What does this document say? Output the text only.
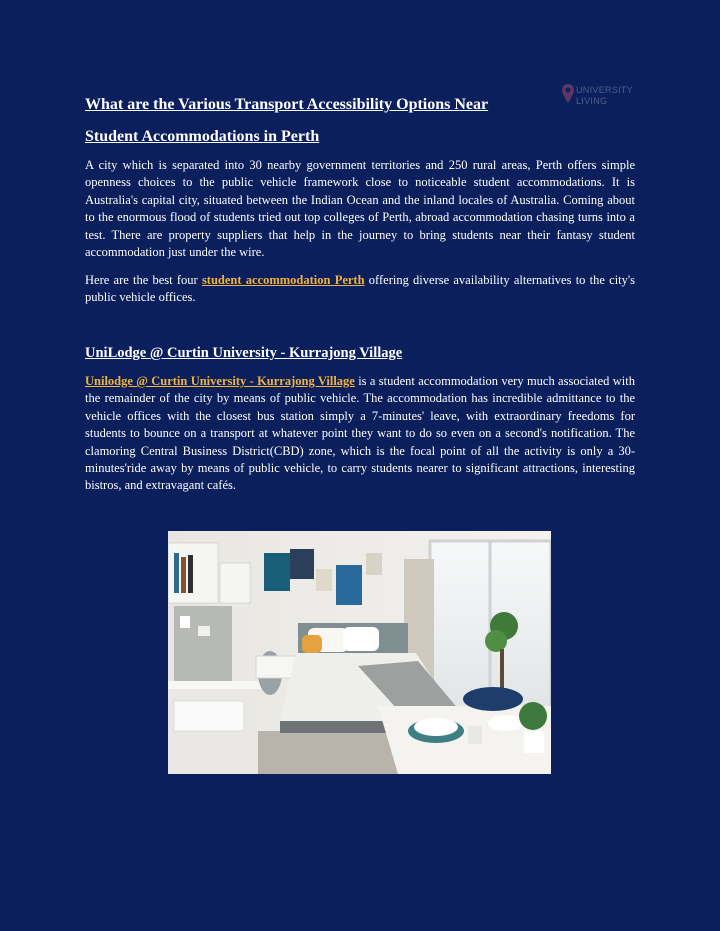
UNIVERSITY
LIVING
What are the Various Transport Accessibility Options Near
Student Accommodations in Perth

A city which is separated into 30 nearby government territories and 250 rural areas, Perth offers simple openness choices to the public vehicle framework close to noticeable student accommodations. It is Australia's capital city, situated between the Indian Ocean and the inland locales of Australia. Coming about to the enormous flood of students tried out top colleges of Perth, abroad accommodation chasing turns into a test. There are property suppliers that help in the journey to bring students near their fantasy student accommodation just under the wire.

Here are the best four student accommodation Perth offering diverse availability alternatives to the city's public vehicle offices.

UniLodge @ Curtin University - Kurrajong Village

Unilodge @ Curtin University - Kurrajong Village is a student accommodation very much associated with the remainder of the city by means of public vehicle. The accommodation has incredible admittance to the vehicle offices with the closest bus station simply a 7-minutes' leave, with extraordinary freedoms for students to bounce on a transport at whatever point they want to do so even on a second's notification. The clamoring Central Business District(CBD) zone, which is the focal point of all the activity is only a 30-minutes'ride away by means of public vehicle, to carry students nearer to significant attractions, interesting bistros, and extravagant cafés.
